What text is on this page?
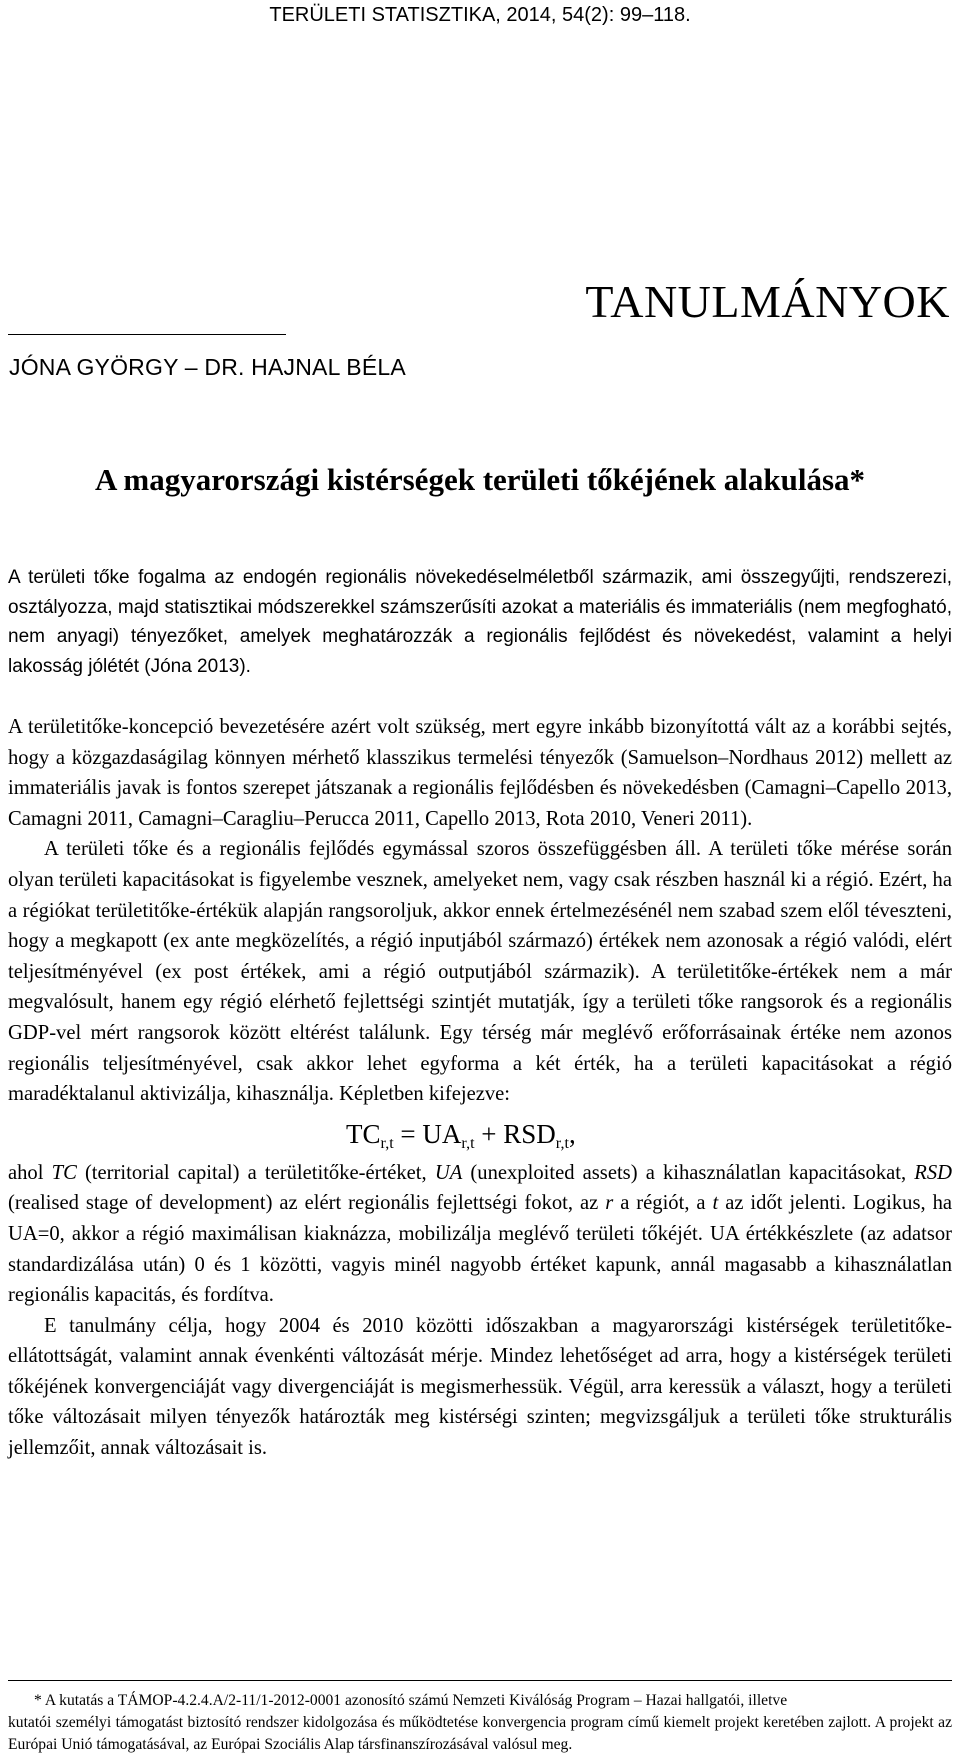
TERÜLETI STATISZTIKA, 2014, 54(2): 99–118.
TANULMÁNYOK
JÓNA GYÖRGY – DR. HAJNAL BÉLA
A magyarországi kistérségek területi tőkéjének alakulása*
A területi tőke fogalma az endogén regionális növekedéselméletből származik, ami összegyűjti, rendszerezi, osztályozza, majd statisztikai módszerekkel számszerűsíti azokat a materiális és immateriális (nem megfogható, nem anyagi) tényezőket, amelyek meghatározzák a regionális fejlődést és növekedést, valamint a helyi lakosság jólétét (Jóna 2013).

A területitőke-koncepció bevezetésére azért volt szükség, mert egyre inkább bizonyítottá vált az a korábbi sejtés, hogy a közgazdaságilag könnyen mérhető klasszikus termelési tényezők (Samuelson–Nordhaus 2012) mellett az immateriális javak is fontos szerepet játszanak a regionális fejlődésben és növekedésben (Camagni–Capello 2013, Camagni 2011, Camagni–Caragliu–Perucca 2011, Capello 2013, Rota 2010, Veneri 2011).

A területi tőke és a regionális fejlődés egymással szoros összefüggésben áll. A területi tőke mérése során olyan területi kapacitásokat is figyelembe vesznek, amelyeket nem, vagy csak részben használ ki a régió. Ezért, ha a régiókat területitőke-értékük alapján rangsoroljuk, akkor ennek értelmezésénél nem szabad szem elől téveszteni, hogy a megkapott (ex ante megközelítés, a régió inputjából származó) értékek nem azonosak a régió valódi, elért teljesítményével (ex post értékek, ami a régió outputjából származik). A területitőke-értékek nem a már megvalósult, hanem egy régió elérhető fejlettségi szintjét mutatják, így a területi tőke rangsorok és a regionális GDP-vel mért rangsorok között eltérést találunk. Egy térség már meglévő erőforrásainak értéke nem azonos regionális teljesítményével, csak akkor lehet egyforma a két érték, ha a területi kapacitásokat a régió maradéktalanul aktivizálja, kihasználja. Képletben kifejezve:

$TC_{r,t} = UA_{r,t} + RSD_{r,t}$,

ahol TC (territorial capital) a területitőke-értéket, UA (unexploited assets) a kihasználatlan kapacitásokat, RSD (realised stage of development) az elért regionális fejlettségi fokot, az r a régiót, a t az időt jelenti. Logikus, ha UA=0, akkor a régió maximálisan kiaknázza, mobilizálja meglévő területi tőkéjét. UA értékkészlete (az adatsor standardizálása után) 0 és 1 közötti, vagyis minél nagyobb értéket kapunk, annál magasabb a kihasználatlan regionális kapacitás, és fordítva.

E tanulmány célja, hogy 2004 és 2010 közötti időszakban a magyarországi kistérségek területitőke-ellátottságát, valamint annak évenkénti változását mérje. Mindez lehetőséget ad arra, hogy a kistérségek területi tőkéjének konvergenciáját vagy divergenciáját is megismerhessük. Végül, arra keressük a választ, hogy a területi tőke változásait milyen tényezők határozták meg kistérségi szinten; megvizsgáljuk a területi tőke strukturális jellemzőit, annak változásait is.

* A kutatás a TÁMOP-4.2.4.A/2-11/1-2012-0001 azonosító számú Nemzeti Kiválóság Program – Hazai hallgatói, illetve
kutatói személyi támogatást biztosító rendszer kidolgozása és működtetése konvergencia program című kiemelt projekt keretében zajlott. A projekt az Európai Unió támogatásával, az Európai Szociális Alap társfinanszírozásával valósul meg.
